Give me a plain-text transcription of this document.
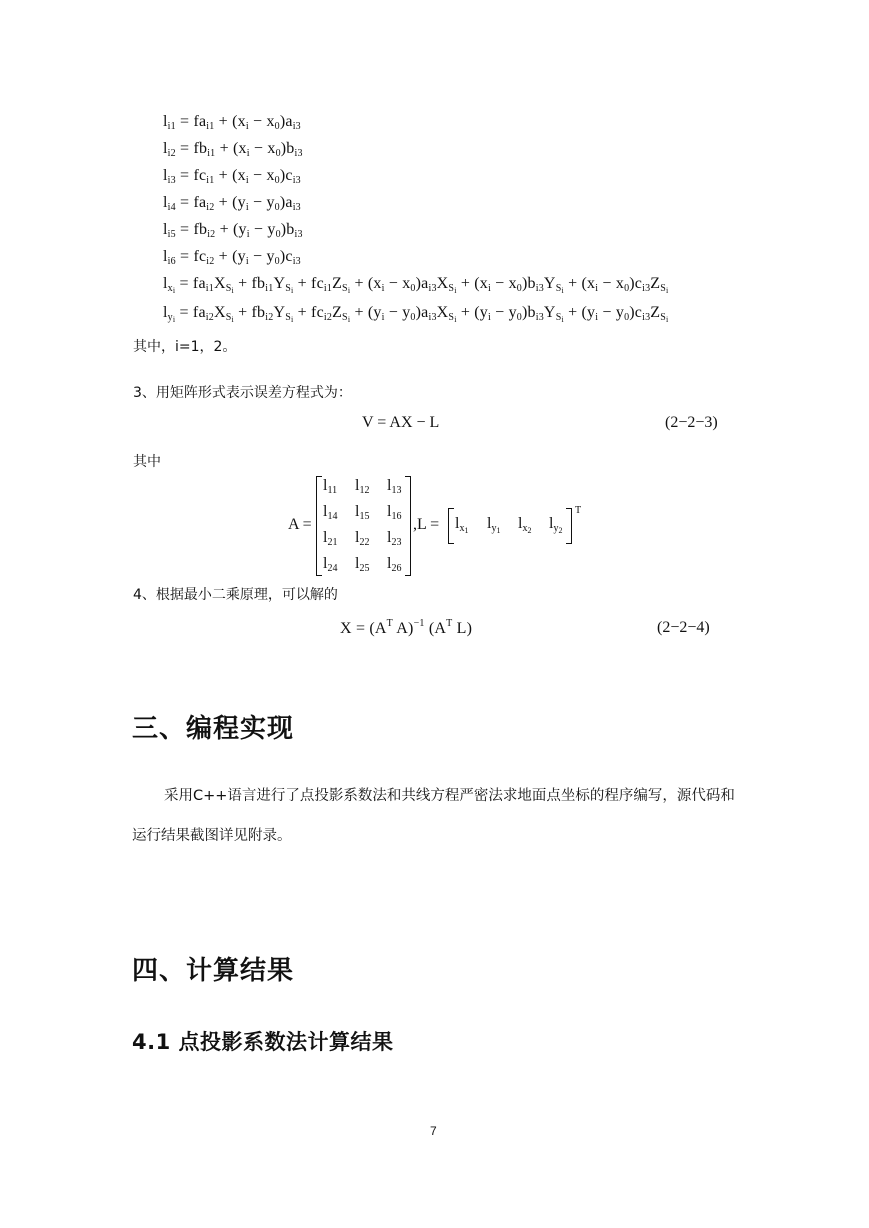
$l_{i1} = fa_{i1} + (x_i - x_0)a_{i3}$
$l_{i2} = fb_{i1} + (x_i - x_0)b_{i3}$
$l_{i3} = fc_{i1} + (x_i - x_0)c_{i3}$
$l_{i4} = fa_{i2} + (y_i - y_0)a_{i3}$
$l_{i5} = fb_{i2} + (y_i - y_0)b_{i3}$
$l_{i6} = fc_{i2} + (y_i - y_0)c_{i3}$
$l_{x_i} = fa_{i1}X_{S_i} + fb_{i1}Y_{S_i} + fc_{i1}Z_{S_i} + (x_i - x_0)a_{i3}X_{S_i} + (x_i - x_0)b_{i3}Y_{S_i} + (x_i - x_0)c_{i3}Z_{S_i}$
$l_{y_i} = fa_{i2}X_{S_i} + fb_{i2}Y_{S_i} + fc_{i2}Z_{S_i} + (y_i - y_0)a_{i3}X_{S_i} + (y_i - y_0)b_{i3}Y_{S_i} + (y_i - y_0)c_{i3}Z_{S_i}$
其中，i=1，2。
3、用矩阵形式表示误差方程式为：
V = AX − L	(2−2−3)
其中
A =
$l_{11}$ $l_{12}$ $l_{13}$
$l_{14}$ $l_{15}$ $l_{16}$
$l_{21}$ $l_{22}$ $l_{23}$
$l_{24}$ $l_{25}$ $l_{26}$
$,L = l_{x_1}$ $l_{y_1}$ $l_{x_2}$ $l_{y_2}$
T
4、根据最小二乘原理，可以解的
$X = (A^T$ A)$^{-1}$ ($A^T$ L)	(2−2−4)
三、编程实现
采用C++语言进行了点投影系数法和共线方程严密法求地面点坐标的程序编写，源代码和运行结果截图详见附录。
四、计算结果
4.1 点投影系数法计算结果
7
